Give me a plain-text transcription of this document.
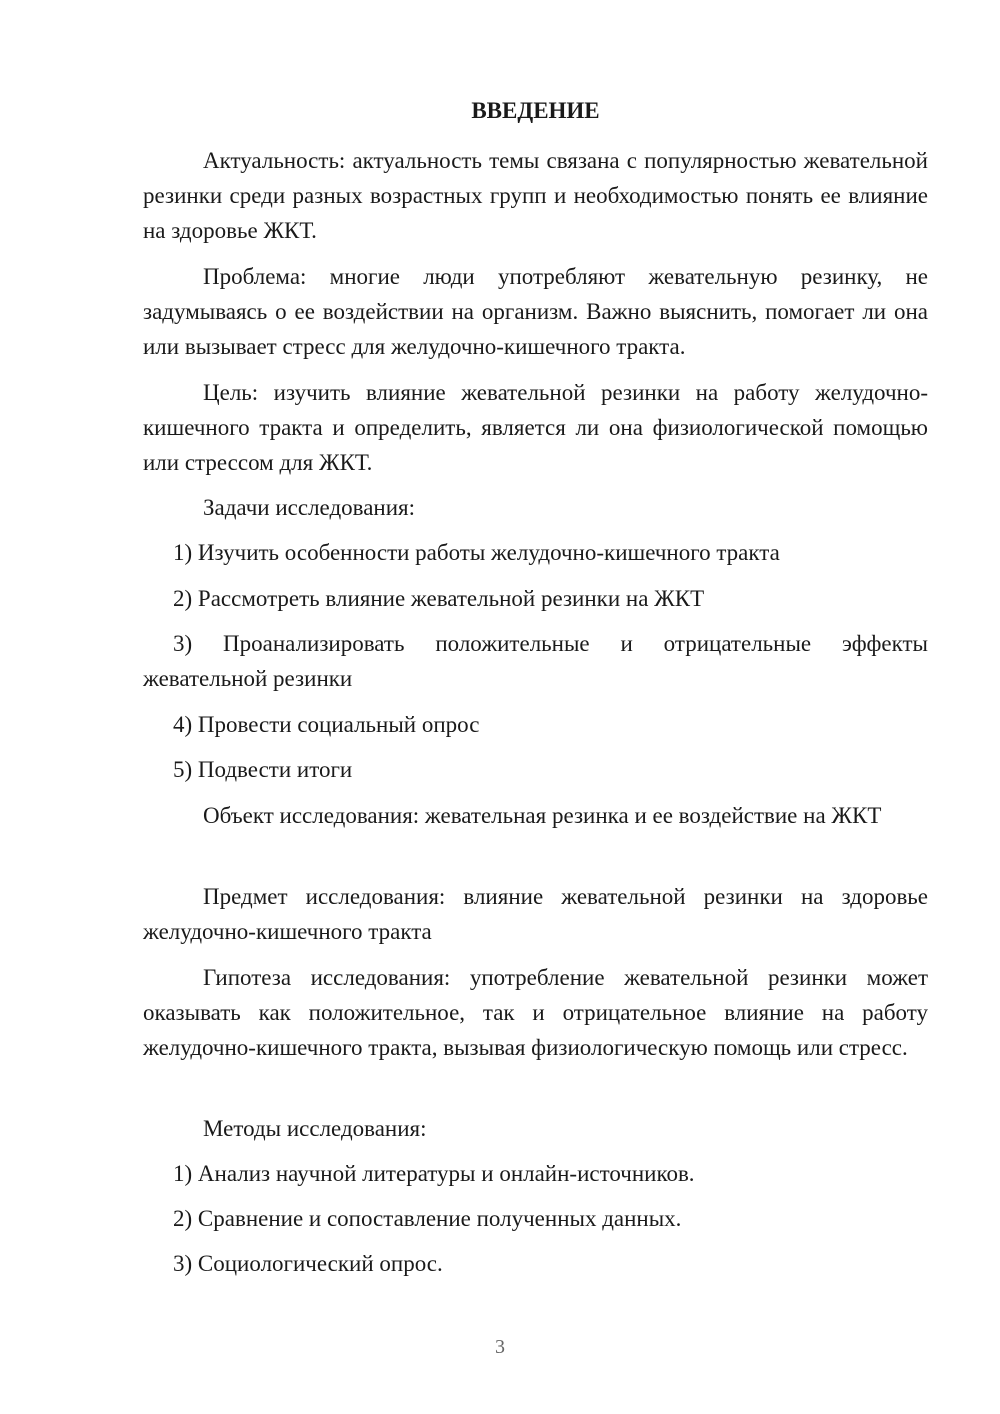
ВВЕДЕНИЕ

Актуальность: актуальность темы связана с популярностью жевательной резинки среди разных возрастных групп и необходимостью понять ее влияние на здоровье ЖКТ.

Проблема: многие люди употребляют жевательную резинку, не задумываясь о ее воздействии на организм. Важно выяснить, помогает ли она или вызывает стресс для желудочно-кишечного тракта.

Цель: изучить влияние жевательной резинки на работу желудочно-кишечного тракта и определить, является ли она физиологической помощью или стрессом для ЖКТ.

Задачи исследования:

1) Изучить особенности работы желудочно-кишечного тракта

2) Рассмотреть влияние жевательной резинки на ЖКТ

3) Проанализировать положительные и отрицательные эффекты жевательной резинки

4) Провести социальный опрос

5) Подвести итоги

Объект исследования: жевательная резинка и ее воздействие на ЖКТ

Предмет исследования: влияние жевательной резинки на здоровье желудочно-кишечного тракта

Гипотеза исследования: употребление жевательной резинки может оказывать как положительное, так и отрицательное влияние на работу желудочно-кишечного тракта, вызывая физиологическую помощь или стресс.

Методы исследования:

1) Анализ научной литературы и онлайн-источников.

2) Сравнение и сопоставление полученных данных.

3) Социологический опрос.

3
